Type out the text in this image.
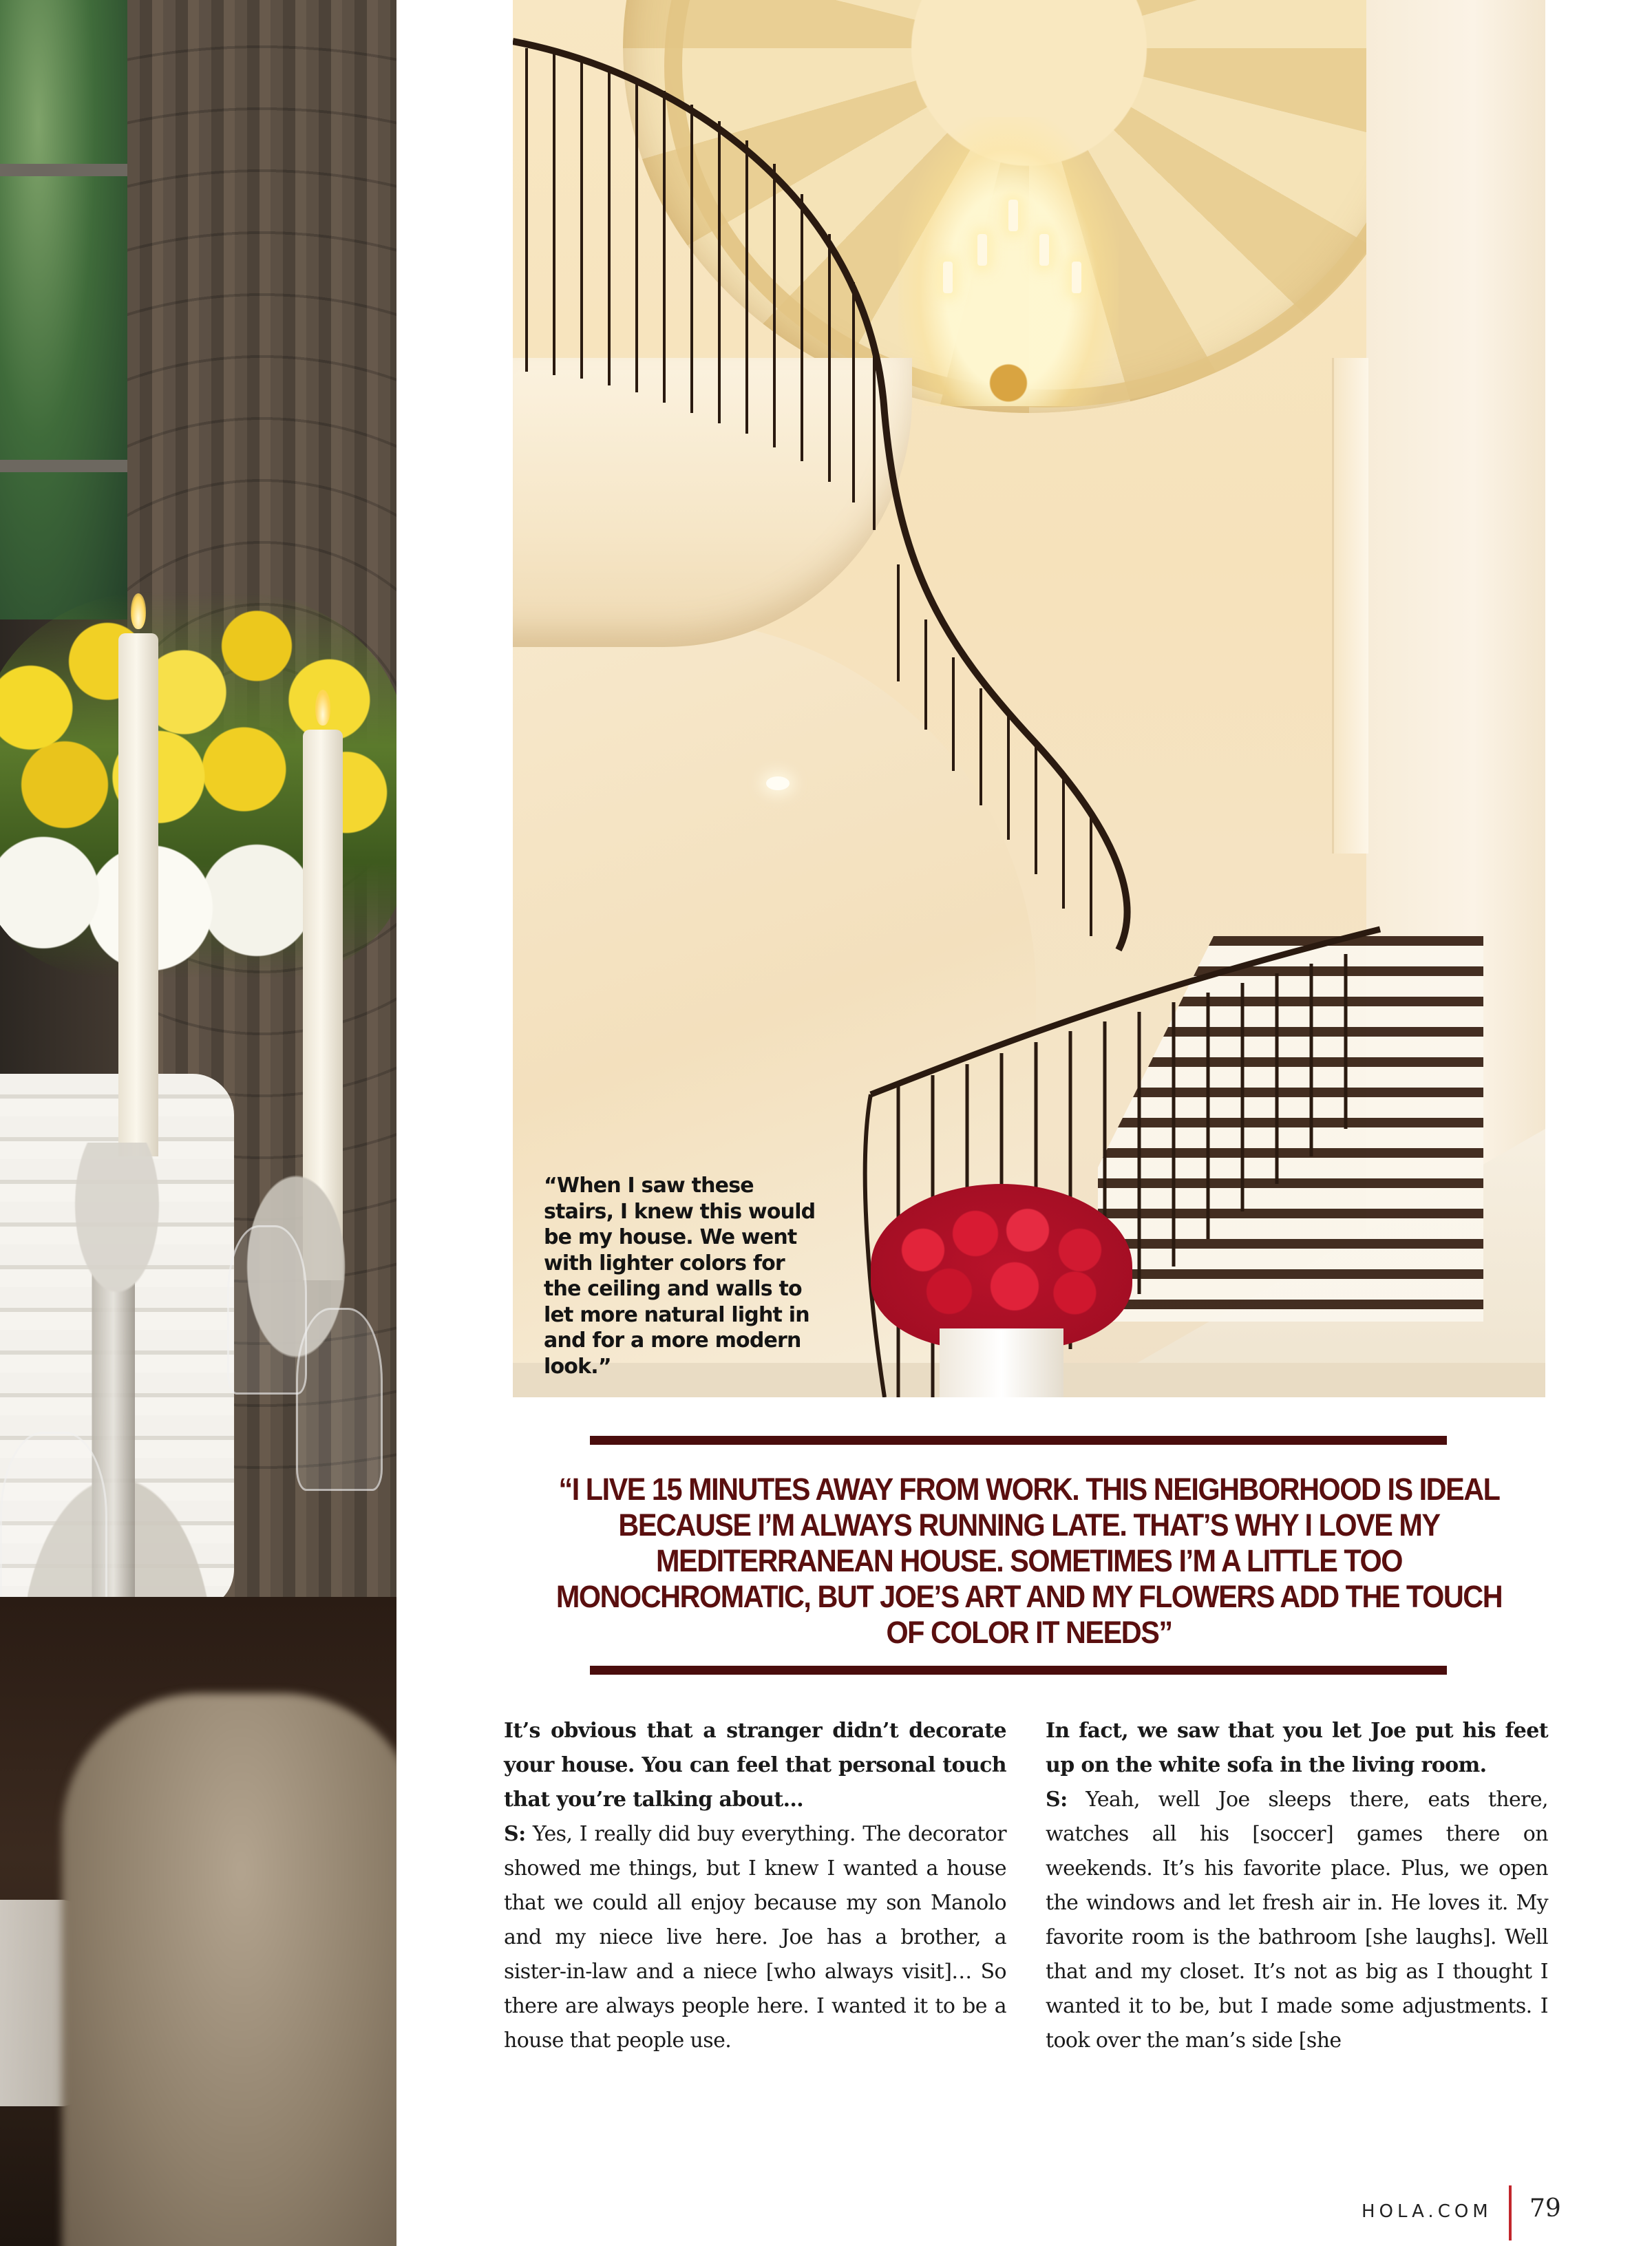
“When I saw these stairs, I knew this would be my house. We went with lighter colors for the ceiling and walls to let more natural light in and for a more modern look.”

“I LIVE 15 MINUTES AWAY FROM WORK. THIS NEIGHBORHOOD IS IDEAL BECAUSE I’M ALWAYS RUNNING LATE. THAT’S WHY I LOVE MY MEDITERRANEAN HOUSE. SOMETIMES I’M A LITTLE TOO MONOCHROMATIC, BUT JOE’S ART AND MY FLOWERS ADD THE TOUCH OF COLOR IT NEEDS”

It’s obvious that a stranger didn’t decorate your house. You can feel that personal touch that you’re talking about…

S: Yes, I really did buy everything. The decorator showed me things, but I knew I wanted a house that we could all enjoy because my son Manolo and my niece live here. Joe has a brother, a sister-in-law and a niece [who always visit]… So there are always people here. I wanted it to be a house that people use.

In fact, we saw that you let Joe put his feet up on the white sofa in the living room.

S: Yeah, well Joe sleeps there, eats there, watches all his [soccer] games there on weekends. It’s his favorite place. Plus, we open the windows and let fresh air in. He loves it. My favorite room is the bathroom [she laughs]. Well that and my closet. It’s not as big as I thought I wanted it to be, but I made some adjustments. I took over the man’s side [she

HOLA.COM 79
